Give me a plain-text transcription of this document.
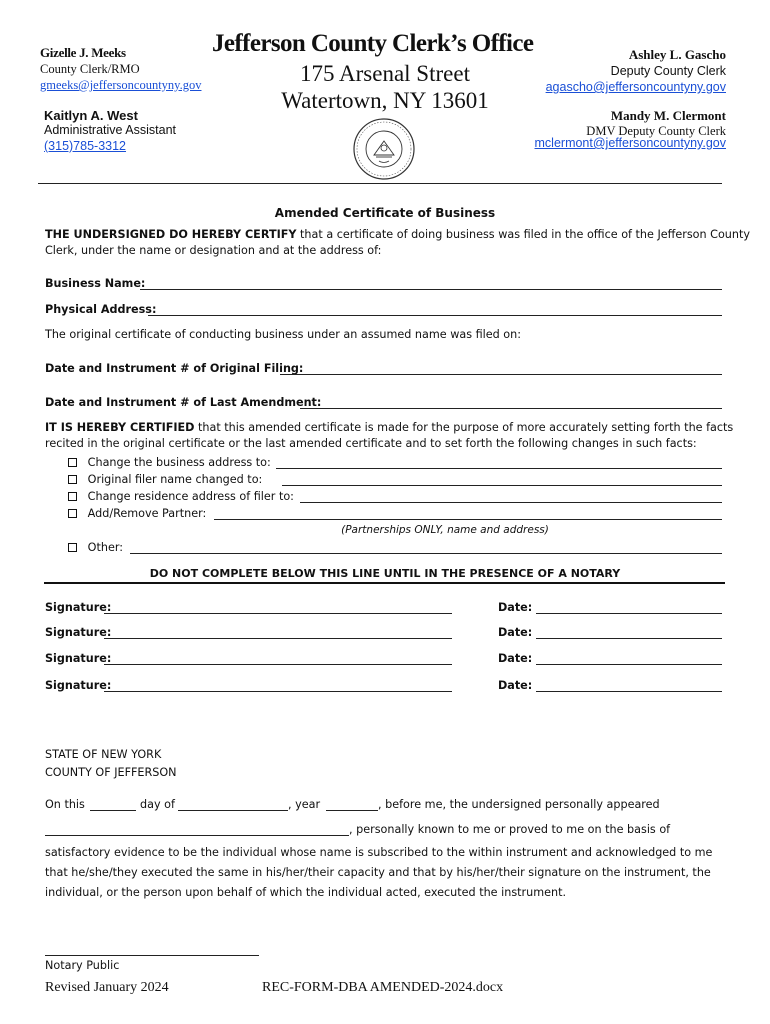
Gizelle J. Meeks
County Clerk/RMO
gmeeks@jeffersoncountyny.gov
Kaitlyn A. West
Administrative Assistant
(315)785-3312
Jefferson County Clerk’s Office
175 Arsenal Street
Watertown, NY 13601
Ashley L. Gascho
Deputy County Clerk
agascho@jeffersoncountyny.gov
Mandy M. Clermont
DMV Deputy County Clerk
mclermont@jeffersoncountyny.gov
Amended Certificate of Business
THE UNDERSIGNED DO HEREBY CERTIFY that a certificate of doing business was filed in the office of the Jefferson County
Clerk, under the name or designation and at the address of:
Business Name:
Physical Address:
The original certificate of conducting business under an assumed name was filed on:
Date and Instrument # of Original Filing:
Date and Instrument # of Last Amendment:
IT IS HEREBY CERTIFIED that this amended certificate is made for the purpose of more accurately setting forth the facts
recited in the original certificate or the last amended certificate and to set forth the following changes in such facts:
Change the business address to:
Original filer name changed to:
Change residence address of filer to:
Add/Remove Partner:
(Partnerships ONLY, name and address)
Other:
DO NOT COMPLETE BELOW THIS LINE UNTIL IN THE PRESENCE OF A NOTARY
Signature:	Date:
Signature:	Date:
Signature:	Date:
Signature:	Date:
STATE OF NEW YORK
COUNTY OF JEFFERSON
On this	day of	, year	, before me, the undersigned personally appeared
, personally known to me or proved to me on the basis of
satisfactory evidence to be the individual whose name is subscribed to the within instrument and acknowledged to me
that he/she/they executed the same in his/her/their capacity and that by his/her/their signature on the instrument, the
individual, or the person upon behalf of which the individual acted, executed the instrument.
Notary Public
Revised January 2024	REC-FORM-DBA AMENDED-2024.docx
